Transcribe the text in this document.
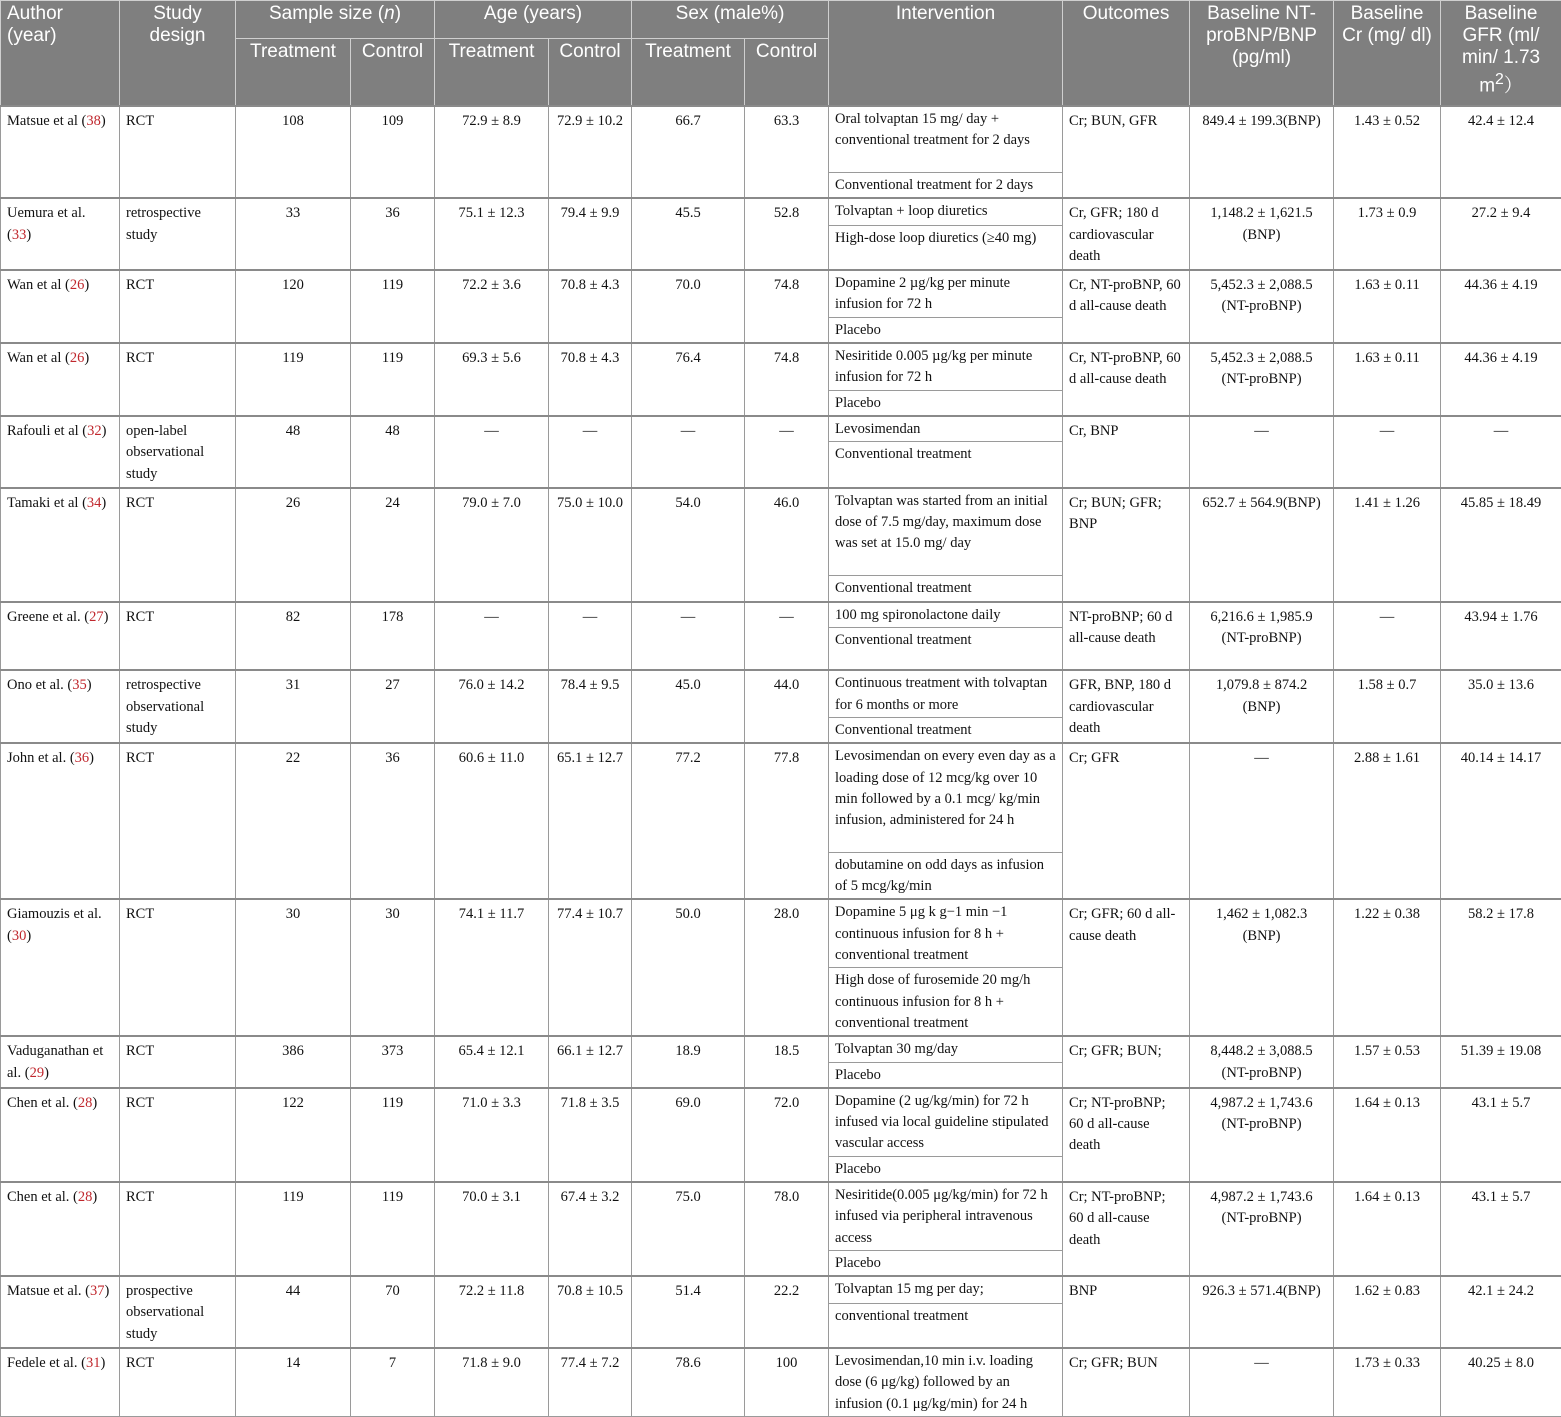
Author (year)	Study design	Sample size (n)		Age (years)		Sex (male%)		Intervention	Outcomes	Baseline NT-proBNP/BNP (pg/ml)	Baseline Cr (mg/ dl)	Baseline GFR (ml/ min/ 1.73 $m^2$）
		Treatment	Control	Treatment	Control	Treatment	Control					
Matsue et al (38)	RCT	108	109	72.9 ± 8.9	72.9 ± 10.2	66.7	63.3	Oral tolvaptan 15 mg/ day + conventional treatment for 2 days	Cr; BUN, GFR	849.4 ± 199.3(BNP)	1.43 ± 0.52	42.4 ± 12.4
								Conventional treatment for 2 days				
Uemura et al. (33)	retrospective study	33	36	75.1 ± 12.3	79.4 ± 9.9	45.5	52.8	Tolvaptan + loop diuretics	Cr, GFR; 180 d cardiovascular death	1,148.2 ± 1,621.5 (BNP)	1.73 ± 0.9	27.2 ± 9.4
								High-dose loop diuretics (≥40 mg)				
Wan et al (26)	RCT	120	119	72.2 ± 3.6	70.8 ± 4.3	70.0	74.8	Dopamine 2 µg/kg per minute infusion for 72 h	Cr, NT-proBNP, 60 d all-cause death	5,452.3 ± 2,088.5 (NT-proBNP)	1.63 ± 0.11	44.36 ± 4.19
								Placebo				
Wan et al (26)	RCT	119	119	69.3 ± 5.6	70.8 ± 4.3	76.4	74.8	Nesiritide 0.005 µg/kg per minute infusion for 72 h	Cr, NT-proBNP, 60 d all-cause death	5,452.3 ± 2,088.5 (NT-proBNP)	1.63 ± 0.11	44.36 ± 4.19
								Placebo				
Rafouli et al (32)	open-label observational study	48	48	—	—	—	—	Levosimendan	Cr, BNP	—	—	—
								Conventional treatment				
Tamaki et al (34)	RCT	26	24	79.0 ± 7.0	75.0 ± 10.0	54.0	46.0	Tolvaptan was started from an initial dose of 7.5 mg/day, maximum dose was set at 15.0 mg/ day	Cr; BUN; GFR; BNP	652.7 ± 564.9(BNP)	1.41 ± 1.26	45.85 ± 18.49
								Conventional treatment				
Greene et al. (27)	RCT	82	178	—	—	—	—	100 mg spironolactone daily	NT-proBNP; 60 d all-cause death	6,216.6 ± 1,985.9 (NT-proBNP)	—	43.94 ± 1.76
								Conventional treatment				
Ono et al. (35)	retrospective observational study	31	27	76.0 ± 14.2	78.4 ± 9.5	45.0	44.0	Continuous treatment with tolvaptan for 6 months or more	GFR, BNP, 180 d cardiovascular death	1,079.8 ± 874.2 (BNP)	1.58 ± 0.7	35.0 ± 13.6
								Conventional treatment				
John et al. (36)	RCT	22	36	60.6 ± 11.0	65.1 ± 12.7	77.2	77.8	Levosimendan on every even day as a loading dose of 12 mcg/kg over 10 min followed by a 0.1 mcg/ kg/min infusion, administered for 24 h	Cr; GFR	—	2.88 ± 1.61	40.14 ± 14.17
								dobutamine on odd days as infusion of 5 mcg/kg/min				
Giamouzis et al. (30)	RCT	30	30	74.1 ± 11.7	77.4 ± 10.7	50.0	28.0	Dopamine 5 μg k g−1 min −1 continuous infusion for 8 h + conventional treatment	Cr; GFR; 60 d all-cause death	1,462 ± 1,082.3 (BNP)	1.22 ± 0.38	58.2 ± 17.8
								High dose of furosemide 20 mg/h continuous infusion for 8 h + conventional treatment				
Vaduganathan et al. (29)	RCT	386	373	65.4 ± 12.1	66.1 ± 12.7	18.9	18.5	Tolvaptan 30 mg/day	Cr; GFR; BUN;	8,448.2 ± 3,088.5 (NT-proBNP)	1.57 ± 0.53	51.39 ± 19.08
								Placebo				
Chen et al. (28)	RCT	122	119	71.0 ± 3.3	71.8 ± 3.5	69.0	72.0	Dopamine (2 ug/kg/min) for 72 h infused via local guideline stipulated vascular access	Cr; NT-proBNP; 60 d all-cause death	4,987.2 ± 1,743.6 (NT-proBNP)	1.64 ± 0.13	43.1 ± 5.7
								Placebo				
Chen et al. (28)	RCT	119	119	70.0 ± 3.1	67.4 ± 3.2	75.0	78.0	Nesiritide(0.005 μg/kg/min) for 72 h infused via peripheral intravenous access	Cr; NT-proBNP; 60 d all-cause death	4,987.2 ± 1,743.6 (NT-proBNP)	1.64 ± 0.13	43.1 ± 5.7
								Placebo				
Matsue et al. (37)	prospective observational study	44	70	72.2 ± 11.8	70.8 ± 10.5	51.4	22.2	Tolvaptan 15 mg per day;	BNP	926.3 ± 571.4(BNP)	1.62 ± 0.83	42.1 ± 24.2
								conventional treatment				
Fedele et al. (31)	RCT	14	7	71.8 ± 9.0	77.4 ± 7.2	78.6	100	Levosimendan,10 min i.v. loading dose (6 μg/kg) followed by an infusion (0.1 μg/kg/min) for 24 h	Cr; GFR; BUN	—	1.73 ± 0.33	40.25 ± 8.0
